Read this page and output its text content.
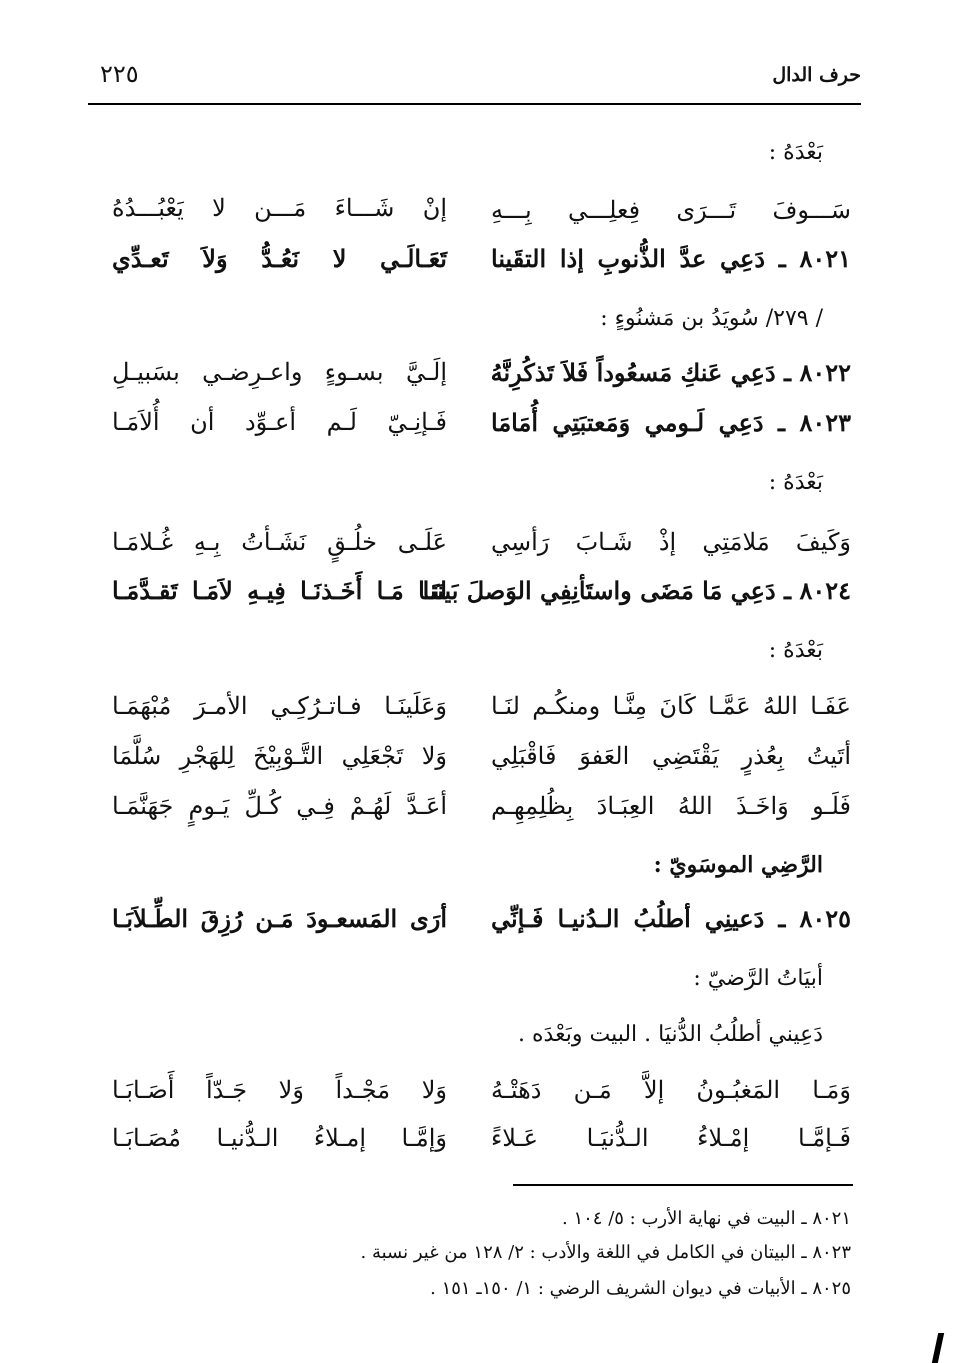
٢٢٥	حرف الدال
بَعْدَهُ :
سَـــوفَ تَـــرَى فِعلِـــي بِـــهِ
إنْ شَـــاءَ مَـــن لا يَعْبُـــدُهُ
٨٠٢١ ـ دَعِي عدَّ الذُّنوبِ إذا التقَينا
تَعَـالَـي لا نَعُـدُّ وَلاَ تَعـدِّي
/ ٢٧٩/ سُويَدُ بن مَشنُوءٍ :
٨٠٢٢ ـ دَعِي عَنكِ مَسعُوداً فَلاَ تَذكُرِنَّهُ
إلَـيَّ بسـوءٍ واعـرِضـي بسَبيـلِ
٨٠٢٣ ـ دَعِي لَـومي وَمَعتبَتِي أُمَامَا
فَـإنِـيّ لَـم أعـوِّد أن أُلاَمَـا
بَعْدَهُ :
وَكَيفَ مَلامَتِي إذْ شَـابَ رَأسِي
عَلَـى خلُـقٍ نَشَـأتُ بِـهِ غُـلامَـا
٨٠٢٤ ـ دَعِي مَا مَضَى واستَأنِفِي الوَصلَ بَينَنا
لنَـا مَـا أَخَـذنَـا فِيـهِ لاَمَـا تَقـدَّمَـا
بَعْدَهُ :
عَفَـا اللهُ عَمَّـا كَانَ مِنَّـا ومنكُـم لنَـا
وَعَلَينَـا فـاتـرُكِـي الأمـرَ مُبْهَمَـا
أتَيتُ بِعُذرٍ يَقْتَضِي العَفوَ فَاقْبَلِي
وَلا تَجْعَلِي التَّـوْبِيْخَ لِلهَجْرِ سُلَّمَا
فَلَـو وَاخَـذَ اللهُ العِبَـادَ بِظُلِمِهِـم
أعَـدَّ لَهُـمْ فِـي كُـلِّ يَـومٍ جَهَنَّمَـا
الرَّضِي الموسَويّ :
٨٠٢٥ ـ دَعينِي أطلُبُ الـدُنيـا فَـإنِّي
أرَى المَسعـودَ مَـن رُزِقَ الطِّـلاَبَـا
أبيَاتُ الرَّضيّ :
دَعِيني أطلُبُ الدُّنيَا . البيت وبَعْدَه .
وَمَـا المَغبُـونُ إلاَّ مَـن دَهَتْـهُ
وَلا مَجْـداً وَلا جَـدّاً أَصَـابَـا
فَـإمَّـا إمْـلاءُ الـدُّنيَـا عَـلاءً
وَإمَّـا إمـلاءُ الـدُّنيـا مُصَـابَـا
٨٠٢١ ـ البيت في نهاية الأرب : ٥/ ١٠٤ .
٨٠٢٣ ـ البيتان في الكامل في اللغة والأدب : ٢/ ١٢٨ من غير نسبة .
٨٠٢٥ ـ الأبيات في ديوان الشريف الرضي : ١/ ١٥٠ـ ١٥١ .
